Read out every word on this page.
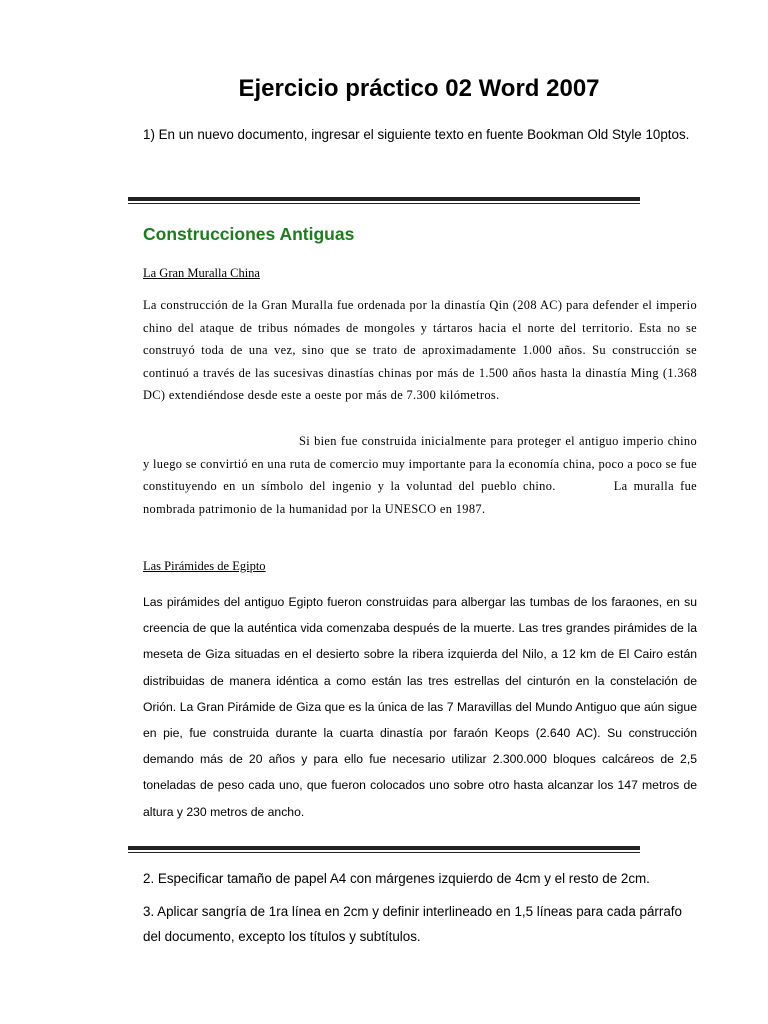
Ejercicio práctico 02 Word 2007
1) En un nuevo documento, ingresar el siguiente texto en fuente Bookman Old Style 10ptos.
Construcciones Antiguas
La Gran Muralla China

La construcción de la Gran Muralla fue ordenada por la dinastía Qin (208 AC) para defender el imperio chino del ataque de tribus nómades de mongoles y tártaros hacia el norte del territorio. Esta no se construyó toda de una vez, sino que se trato de aproximadamente 1.000 años. Su construcción se continuó a través de las sucesivas dinastías chinas por más de 1.500 años hasta la dinastía Ming (1.368 DC) extendiéndose desde este a oeste por más de 7.300 kilómetros.

Si bien fue construida inicialmente para proteger el antiguo imperio chino y luego se convirtió en una ruta de comercio muy importante para la economía china, poco a poco se fue constituyendo en un símbolo del ingenio y la voluntad del pueblo chino.	La muralla fue nombrada patrimonio de la humanidad por la UNESCO en 1987.

Las Pirámides de Egipto

Las pirámides del antiguo Egipto fueron construidas para albergar las tumbas de los faraones, en su creencia de que la auténtica vida comenzaba después de la muerte. Las tres grandes pirámides de la meseta de Giza situadas en el desierto sobre la ribera izquierda del Nilo, a 12 km de El Cairo están distribuidas de manera idéntica a como están las tres estrellas del cinturón en la constelación de Orión. La Gran Pirámide de Giza que es la única de las 7 Maravillas del Mundo Antiguo que aún sigue en pie, fue construida durante la cuarta dinastía por faraón Keops (2.640 AC). Su construcción demando más de 20 años y para ello fue necesario utilizar 2.300.000 bloques calcáreos de 2,5 toneladas de peso cada uno, que fueron colocados uno sobre otro hasta alcanzar los 147 metros de altura y 230 metros de ancho.

2. Especificar tamaño de papel A4 con márgenes izquierdo de 4cm y el resto de 2cm.
3. Aplicar sangría de 1ra línea en 2cm y definir interlineado en 1,5 líneas para cada párrafo del documento, excepto los títulos y subtítulos.
